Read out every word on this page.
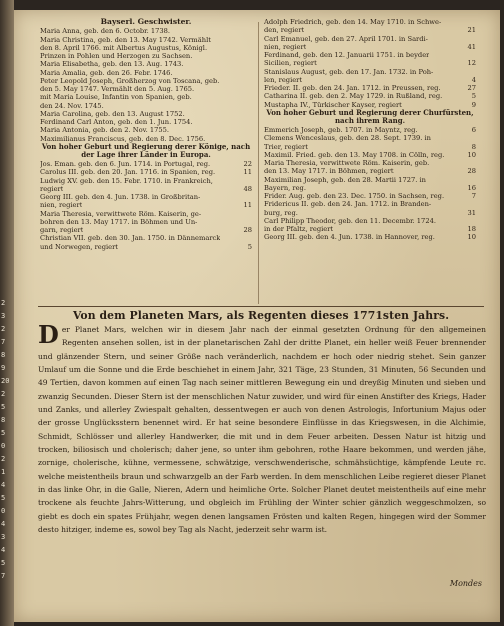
2
3
2
7
8
9
20
2
5
8
5
0
2
1
4
5
0
4
3
4
5
7
Bayserl. Geschwister.
Maria Anna, geb. den 6. Octobr. 1738.
Maria Christina, geb. den 13. May 1742. Vermählt
den 8. April 1766. mit Albertus Augustus, Königl.
Prinzen in Pohlen und Herzogen zu Sachsen.
Maria Elisabetha, geb. den 13. Aug. 1743.
Maria Amalia, geb. den 26. Febr. 1746.
Peter Leopold Joseph, Großherzog von Toscana, geb.
den 5. May 1747. Vermählt den 5. Aug. 1765.
mit Maria Louise, Infantin von Spanien, geb.
den 24. Nov. 1745.
Maria Carolina, geb. den 13. August 1752.
Ferdinand Carl Anton, geb. den 1. Jun. 1754.
Maria Antonia, geb. den 2. Nov. 1755.
Maximilianus Franciscus, geb. den 8. Dec. 1756.
Von hoher Geburt und Regierung derer Könige, nach der Lage ihrer Länder in Europa.
Jos. Eman. geb. den 6. Jun. 1714. in Portugal, reg.	22
Carolus III. geb. den 20. Jan. 1716. in Spanien, reg.	11
Ludwig XV. geb. den 15. Febr. 1710. in Frankreich,
regiert	48
Georg III. geb. den 4. Jun. 1738. in Großbritan-
nien, regiert	11
Maria Theresia, verwittwete Röm. Kaiserin, ge-
bohren den 13. May 1717. in Böhmen und Un-
garn, regiert	28
Christian VII. geb. den 30. Jan. 1750. in Dännemarck
und Norwegen, regiert	5
Adolph Friedrich, geb. den 14. May 1710. in Schwe-
den, regiert	21
Carl Emanuel, geb. den 27. April 1701. in Sardi-
nien, regiert	41
Ferdinand, geb. den 12. Januarii 1751. in beyder
Sicilien, regiert	12
Stanislaus August, geb. den 17. Jan. 1732. in Poh-
len, regiert	4
Frieder. II. geb. den 24. Jan. 1712. in Preussen, reg.	27
Catharina II. geb. den 2. May 1729. in Rußland, reg.	5
Mustapha IV., Türkischer Kayser, regiert	9
Von hoher Geburt und Regierung derer Churfürsten, nach ihrem Rang.
Emmerich Joseph, geb. 1707. in Mayntz, reg.	6
Clemens Wenceslaus, geb. den 28. Sept. 1739. in
Trier, regiert	8
Maximil. Fried. geb. den 13. May 1708. in Cölln, reg.	10
Maria Theresia, verwittwete Röm. Kaiserin, geb.
den 13. May 1717. in Böhmen, regiert	28
Maximilian Joseph, geb. den 28. Martii 1727. in
Bayern, reg.	16
Frider. Aug. geb. den 23. Dec. 1750. in Sachsen, reg.	7
Fridericus II. geb. den 24. Jan. 1712. in Branden-
burg, reg.	31
Carl Philipp Theodor, geb. den 11. Decembr. 1724.
in der Pfaltz, regiert	18
Georg III. geb. den 4. Jun. 1738. in Hannover, reg.	10
Von dem Planeten Mars, als Regenten dieses 1771sten Jahrs.
Der Planet Mars, welchen wir in diesem Jahr nach der einmal gesetzten Ordnung für den allgemeinen Regenten ansehen sollen, ist in der planetarischen Zahl der dritte Planet, ein heller weiß Feuer brennender und glänzender Stern, und seiner Größe nach veränderlich, nachdem er hoch oder niedrig stehet. Sein ganzer Umlauf um die Sonne und die Erde beschiehet in einem Jahr, 321 Täge, 23 Stunden, 31 Minuten, 56 Secunden und 49 Tertien, davon kommen auf einen Tag nach seiner mittleren Bewegung ein und dreyßig Minuten und sieben und zwanzig Secunden. Dieser Stern ist der menschlichen Natur zuwider, und wird für einen Anstifter des Kriegs, Hader und Zanks, und allerley Zwiespalt gehalten, dessentwegen er auch von denen Astrologis, Infortunium Majus oder der grosse Unglücksstern benennet wird. Er hat seine besondere Einflüsse in das Kriegswesen, in die Alchimie, Schmidt, Schlösser und allerley Handwerker, die mit und in dem Feuer arbeiten. Dessen Natur ist hitzig und trocken, biliosisch und cholerisch; daher jene, so unter ihm gebohren, rothe Haare bekommen, und werden jähe, zornige, cholerische, kühne, vermessene, schwätzige, verschwenderische, schmähsüchtige, kämpfende Leute rc. welche meistentheils braun und schwarzgelb an der Farb werden. In dem menschlichen Leibe regieret dieser Planet in das linke Ohr, in die Galle, Nieren, Adern und heimliche Orte. Solcher Planet deutet meistentheils auf eine mehr trockene als feuchte Jahrs-Witterung, und obgleich im Frühling der Winter schier gänzlich weggeschmolzen, so giebt es doch ein spates Frühjahr, wegen denen langsamen Frösten und kalten Regen, hingegen wird der Sommer desto hitziger, indeme es, sowol bey Tag als Nacht, jederzeit sehr warm ist.
Mondes
